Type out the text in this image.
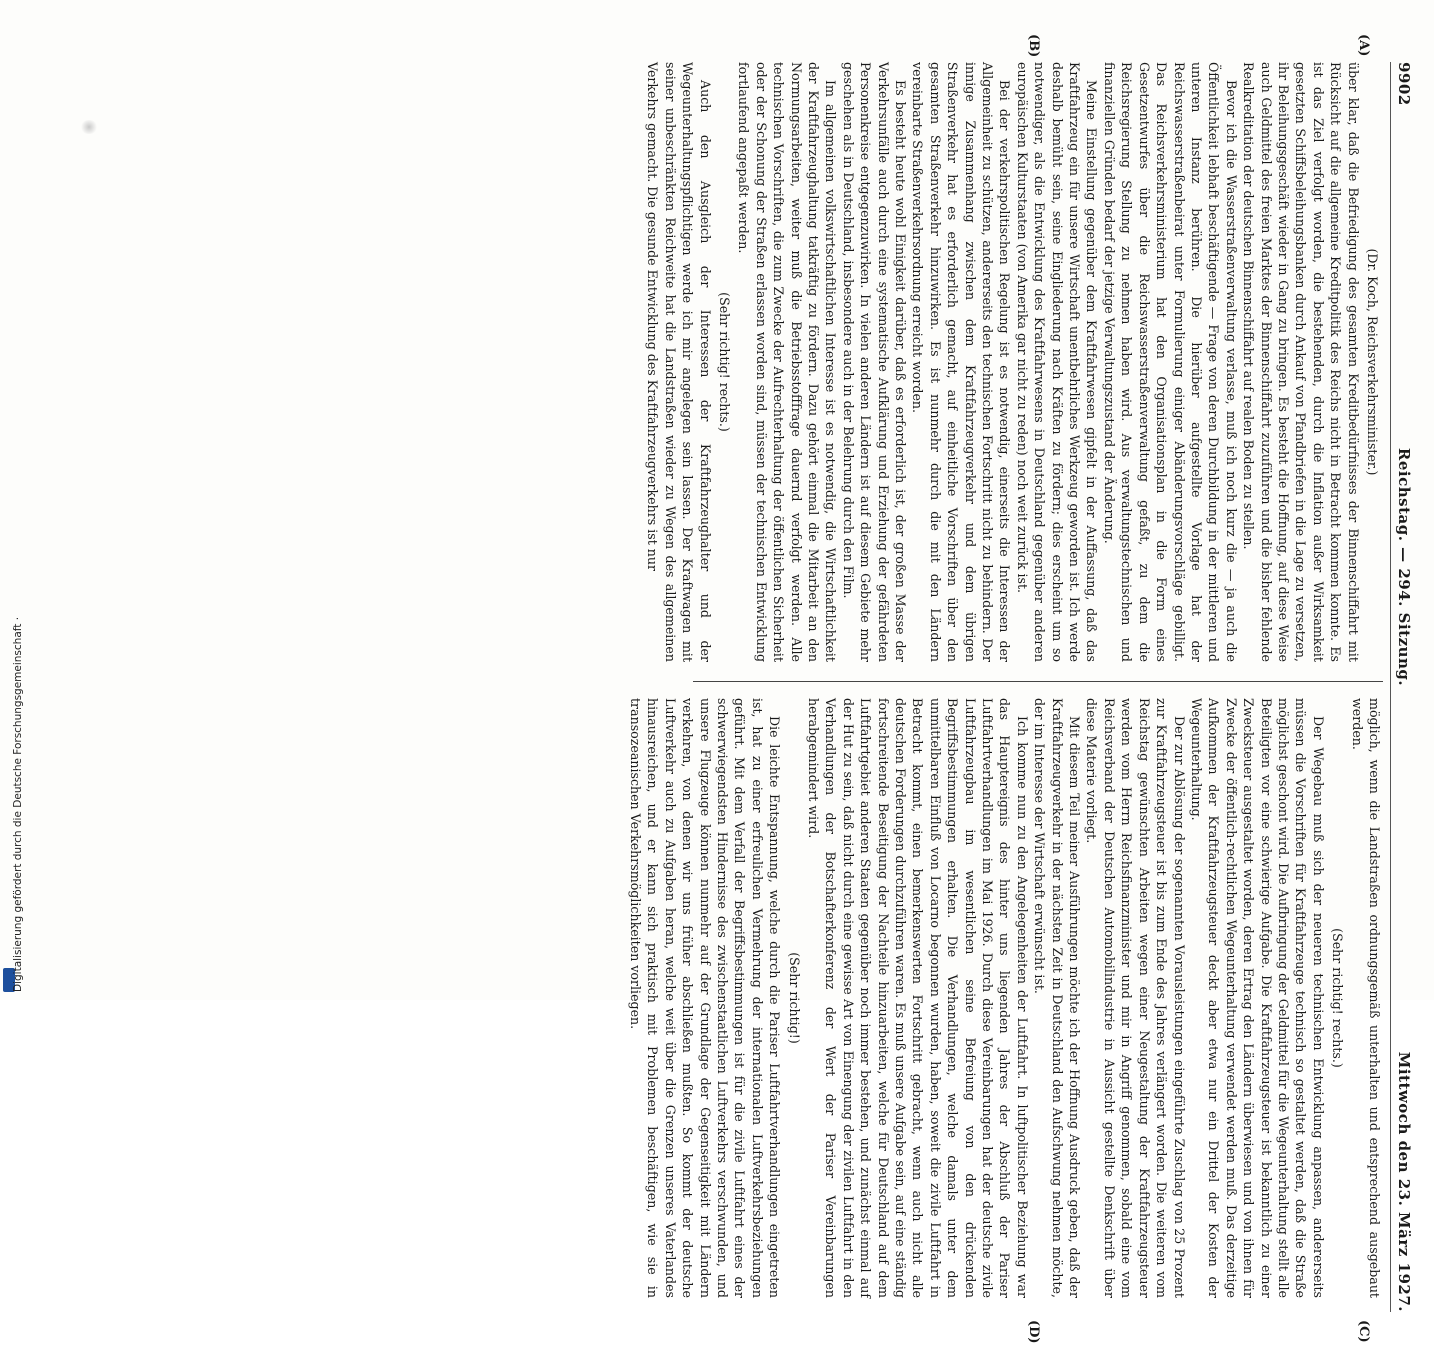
9902
Reichstag. — 294. Sitzung.
Mittwoch den 23. März 1927.

(Dr. Koch, Reichsverkehrsminister.)

über klar, daß die Befriedigung des gesamten Kreditbedürfnisses der Binnenschiffahrt mit Rücksicht auf die allgemeine Kreditpolitik des Reichs nicht in Betracht kommen konnte. Es ist das Ziel verfolgt worden, die bestehenden, durch die Inflation außer Wirksamkeit gesetzten Schiffsbeleihungsbanken durch Ankauf von Pfandbriefen in die Lage zu versetzen, ihr Beleihungsgeschäft wieder in Gang zu bringen. Es besteht die Hoffnung, auf diese Weise auch Geldmittel des freien Marktes der Binnenschiffahrt zuzuführen und die bisher fehlende Realkreditation der deutschen Binnenschiffahrt auf realen Boden zu stellen.

Bevor ich die Wasserstraßenverwaltung verlasse, muß ich noch kurz die — ja auch die Öffentlichkeit lebhaft beschäftigende — Frage von deren Durchbildung in der mittleren und unteren Instanz berühren. Die hierüber aufgestellte Vorlage hat der Reichswasserstraßenbeirat unter Formulierung einiger Abänderungsvorschläge gebilligt. Das Reichsverkehrsministerium hat den Organisationsplan in die Form eines Gesetzentwurfes über die Reichswasserstraßenverwaltung gefaßt, zu dem die Reichsregierung Stellung zu nehmen haben wird. Aus verwaltungstechnischen und finanziellen Gründen bedarf der jetzige Verwaltungszustand der Änderung.

Meine Einstellung gegenüber dem Kraftfahrwesen gipfelt in der Auffassung, daß das Kraftfahrzeug ein für unsere Wirtschaft unentbehrliches Werkzeug geworden ist. Ich werde deshalb bemüht sein, seine Eingliederung nach Kräften zu fördern; dies erscheint um so notwendiger, als die Entwicklung des Kraftfahrwesens in Deutschland gegenüber anderen europäischen Kulturstaaten (von Amerika gar nicht zu reden) noch weit zurück ist.

Bei der verkehrspolitischen Regelung ist es notwendig, einerseits die Interessen der Allgemeinheit zu schützen, andererseits den technischen Fortschritt nicht zu behindern. Der innige Zusammenhang zwischen dem Kraftfahrzeugverkehr und dem übrigen Straßenverkehr hat es erforderlich gemacht, auf einheitliche Vorschriften über den gesamten Straßenverkehr hinzuwirken. Es ist nunmehr durch die mit den Ländern vereinbarte Straßenverkehrsordnung erreicht worden.

Es besteht heute wohl Einigkeit darüber, daß es erforderlich ist, der großen Masse der Verkehrsunfälle auch durch eine systematische Aufklärung und Erziehung der gefährdeten Personenkreise entgegenzuwirken. In vielen anderen Ländern ist auf diesem Gebiete mehr geschehen als in Deutschland, insbesondere auch in der Belehrung durch den Film.

Im allgemeinen volkswirtschaftlichen Interesse ist es notwendig, die Wirtschaftlichkeit der Kraftfahrzeughaltung tatkräftig zu fördern. Dazu gehört einmal die Mitarbeit an den Normungsarbeiten, weiter muß die Betriebsstofffrage dauernd verfolgt werden. Alle technischen Vorschriften, die zum Zwecke der Aufrechterhaltung der öffentlichen Sicherheit oder der Schonung der Straßen erlassen worden sind, müssen der technischen Entwicklung fortlaufend angepaßt werden.

(Sehr richtig! rechts.)

Auch den Ausgleich der Interessen der Kraftfahrzeughalter und der Wegeunterhaltungspflichtigen werde ich mir angelegen sein lassen. Der Kraftwagen mit seiner unbeschränkten Reichweite hat die Landstraßen wieder zu Wegen des allgemeinen Verkehrs gemacht. Die gesunde Entwicklung des Kraftfahrzeugverkehrs ist nur

möglich, wenn die Landstraßen ordnungsgemäß unterhalten und entsprechend ausgebaut werden.

(Sehr richtig! rechts.)

Der Wegebau muß sich der neueren technischen Entwicklung anpassen, andererseits müssen die Vorschriften für Kraftfahrzeuge technisch so gestaltet werden, daß die Straße möglichst geschont wird. Die Aufbringung der Geldmittel für die Wegeunterhaltung stellt alle Beteiligten vor eine schwierige Aufgabe. Die Kraftfahrzeugsteuer ist bekanntlich zu einer Zwecksteuer ausgestaltet worden, deren Ertrag den Ländern überwiesen und von ihnen für Zwecke der öffentlich-rechtlichen Wegeunterhaltung verwendet werden muß. Das derzeitige Aufkommen der Kraftfahrzeugsteuer deckt aber etwa nur ein Drittel der Kosten der Wegeunterhaltung.

Der zur Ablösung der sogenannten Vorausleistungen eingeführte Zuschlag von 25 Prozent zur Kraftfahrzeugsteuer ist bis zum Ende des Jahres verlängert worden. Die weiteren vom Reichstag gewünschten Arbeiten wegen einer Neugestaltung der Kraftfahrzeugsteuer werden vom Herrn Reichsfinanzminister und mir in Angriff genommen, sobald eine vom Reichsverband der Deutschen Automobilindustrie in Aussicht gestellte Denkschrift über diese Materie vorliegt.

Mit diesem Teil meiner Ausführungen möchte ich der Hoffnung Ausdruck geben, daß der Kraftfahrzeugverkehr in der nächsten Zeit in Deutschland den Aufschwung nehmen möchte, der im Interesse der Wirtschaft erwünscht ist.

Ich komme nun zu den Angelegenheiten der Luftfahrt. In luftpolitischer Beziehung war das Hauptereignis des hinter uns liegenden Jahres der Abschluß der Pariser Luftfahrtverhandlungen im Mai 1926. Durch diese Vereinbarungen hat der deutsche zivile Luftfahrzeugbau im wesentlichen seine Befreiung von den drückenden Begriffsbestimmungen erhalten. Die Verhandlungen, welche damals unter dem unmittelbaren Einfluß von Locarno begonnen wurden, haben, soweit die zivile Luftfahrt in Betracht kommt, einen bemerkenswerten Fortschritt gebracht, wenn auch nicht alle deutschen Forderungen durchzuführen waren. Es muß unsere Aufgabe sein, auf eine ständig fortschreitende Beseitigung der Nachteile hinzuarbeiten, welche für Deutschland auf dem Luftfahrtgebiet anderen Staaten gegenüber noch immer bestehen, und zunächst einmal auf der Hut zu sein, daß nicht durch eine gewisse Art von Einengung der zivilen Luftfahrt in den Verhandlungen der Botschafterkonferenz der Wert der Pariser Vereinbarungen herabgemindert wird.

(Sehr richtig!)

Die leichte Entspannung, welche durch die Pariser Luftfahrtverhandlungen eingetreten ist, hat zu einer erfreulichen Vermehrung der internationalen Luftverkehrsbeziehungen geführt. Mit dem Verfall der Begriffsbestimmungen ist für die zivile Luftfahrt eines der schwerwiegendsten Hindernisse des zwischenstaatlichen Luftverkehrs verschwunden, und unsere Flugzeuge können nunmehr auf der Grundlage der Gegenseitigkeit mit Ländern verkehren, von denen wir uns früher abschließen mußten. So kommt der deutsche Luftverkehr auch zu Aufgaben heran, welche weit über die Grenzen unseres Vaterlandes hinausreichen, und er kann sich praktisch mit Problemen beschäftigen, wie sie in transozeanischen Verkehrsmöglichkeiten vorliegen.

(A)
(B)
(C)
(D)
Digitalisierung gefördert durch die Deutsche Forschungsgemeinschaft ·
